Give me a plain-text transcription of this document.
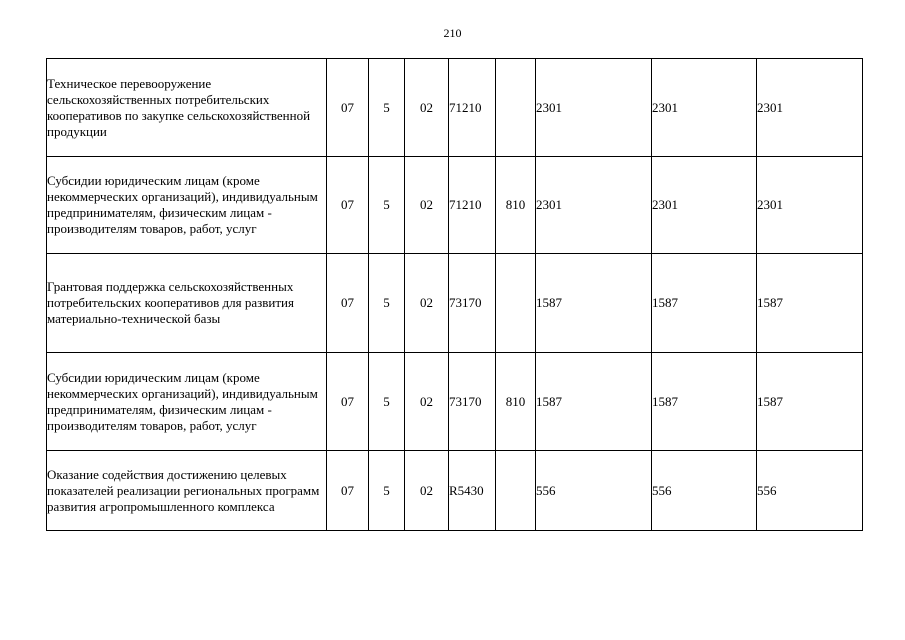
210
Техническое перевооружение сельскохозяйственных потребительских кооперативов по закупке сельскохозяйственной продукции	07	5	02	71210		2301	2301	2301
Субсидии юридическим лицам (кроме некоммерческих организаций), индивидуальным предпринимателям, физическим лицам - производителям товаров, работ, услуг	07	5	02	71210	810	2301	2301	2301
Грантовая поддержка сельскохозяйственных потребительских кооперативов для развития материально-технической базы	07	5	02	73170		1587	1587	1587
Субсидии юридическим лицам (кроме некоммерческих организаций), индивидуальным предпринимателям, физическим лицам - производителям товаров, работ, услуг	07	5	02	73170	810	1587	1587	1587
Оказание содействия достижению целевых показателей реализации региональных программ развития агропромышленного комплекса	07	5	02	R5430		556	556	556
